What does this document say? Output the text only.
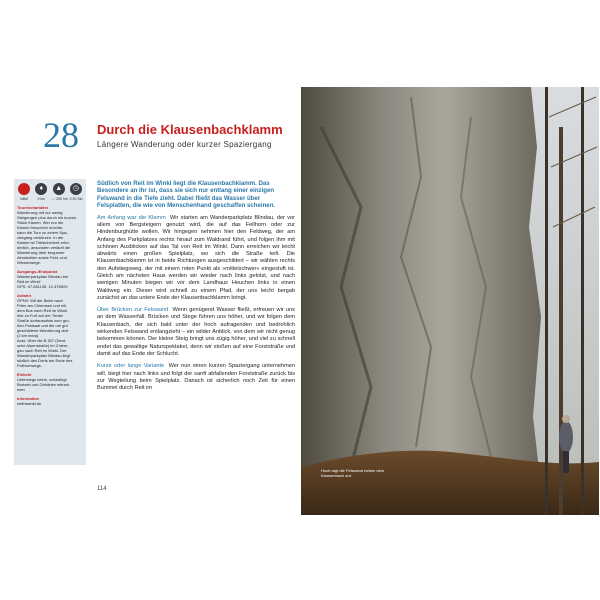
28 Durch die Klausenbachklamm
Längere Wanderung oder kurzer Spaziergang
mittel
♦
9 km
▲
↑↓ 250 hm
◷
2:30 Std
Tourencharakter
Wanderung mit nur wenig
Steigungen plus durch ein kurzes
Stück Klamm. Wer nur die
Klamm besuchen möchte,
kann die Tour zu einem Spa-
ziergang verkürzen. In der
Klamm ist Trittsicherheit erfor-
derlich, ansonsten verläuft die
Wanderung über bequeme
Almstraßen sowie Feld- und
Wiesenwege.
Ausgangs-/Endpunkt
Wanderparkplatz Blindau bei
Reit im Winkl
GPS: 47.661135, 12.478929
Anfahrt
ÖPNV: Mit der Bahn nach
Prien am Chiemsee und mit
dem Bus nach Reit im Winkl,
hier zu Fuß auf der Tiroler
Straße dorfauswärts zum gro-
ßen Festsaal und die um gut
geschilderte Wanderung dort
(2 km extra)
Auto: Über die B 307 (Deut-
sche Alpenstraße) im Chiem-
gau nach Reit im Winkl. Der
Wanderparkplatz Blindau liegt
südlich des Dorfs am Ende des
Fellhornwegs.
Einkehr
Unterwegs keine, unbedingt
Brotzeit und Getränke mitneh-
men
Information
reitimwinkl.de

Südlich von Reit im Winkl liegt die Klausenbachklamm. Das Besondere an ihr ist, dass sie sich nur entlang einer einzigen Felswand in die Tiefe zieht. Dabei fließt das Wasser über Felsplatten, die wie von Menschenhand geschaffen scheinen.

Am Anfang war die Klamm Wir starten am Wanderparkplatz Blindau, der vor allem von Bergsteigern genutzt wird, die auf das Fellhorn oder zur Hindenburghütte wollen. Wir hingegen nehmen hier den Feldweg, der am Anfang des Parkplatzes rechts hinauf zum Waldrand führt, und folgen ihm mit schönen Ausblicken auf das Tal von Reit im Winkl. Dann erreichen wir leicht abwärts einen großen Spielplatz, wo sich die Straße teilt. Die Klausenbachklamm ist in beide Richtungen ausgeschildert – wir wählen rechts den Aufstiegsweg, der mit einem roten Punkt als »mittelschwer« eingestuft ist. Gleich am nächsten Haus werden wir wieder nach links gelotst, und nach wenigen Minuten biegen wir vor dem Landhaus Heuchen links in einen Waldweg ein. Dieser wird schnell zu einem Pfad, der uns leicht bergab zunächst an das untere Ende der Klausenbachklamm bringt.

Über Brücken zur Felswand Wenn genügend Wasser fließt, erfreuen wir uns an dem Wasserfall. Brücken und Stege führen uns höher, und wir folgen dem Klausenbach, der sich bald unter der hoch aufragenden und bedrohlich wirkenden Felswand entlangzieht – ein wilder Anblick, von dem wir nicht genug bekommen können. Der kleine Steig bringt uns zügig höher, und viel zu schnell endet das gewaltige Naturspektakel, denn wir stoßen auf eine Forststraße und damit auf das Ende der Schlucht.

Kurze oder lange Variante Wer nun einen kurzen Spaziergang unternehmen will, biegt hier nach links und folgt der sanft abfallenden Forststraße zurück bis zur Wegteilung beim Spielplatz. Danach ist sicherlich noch Zeit für einen Bummel durch Reit im

114
Hoch ragt die Felswand neben dem Klausenbach auf.
